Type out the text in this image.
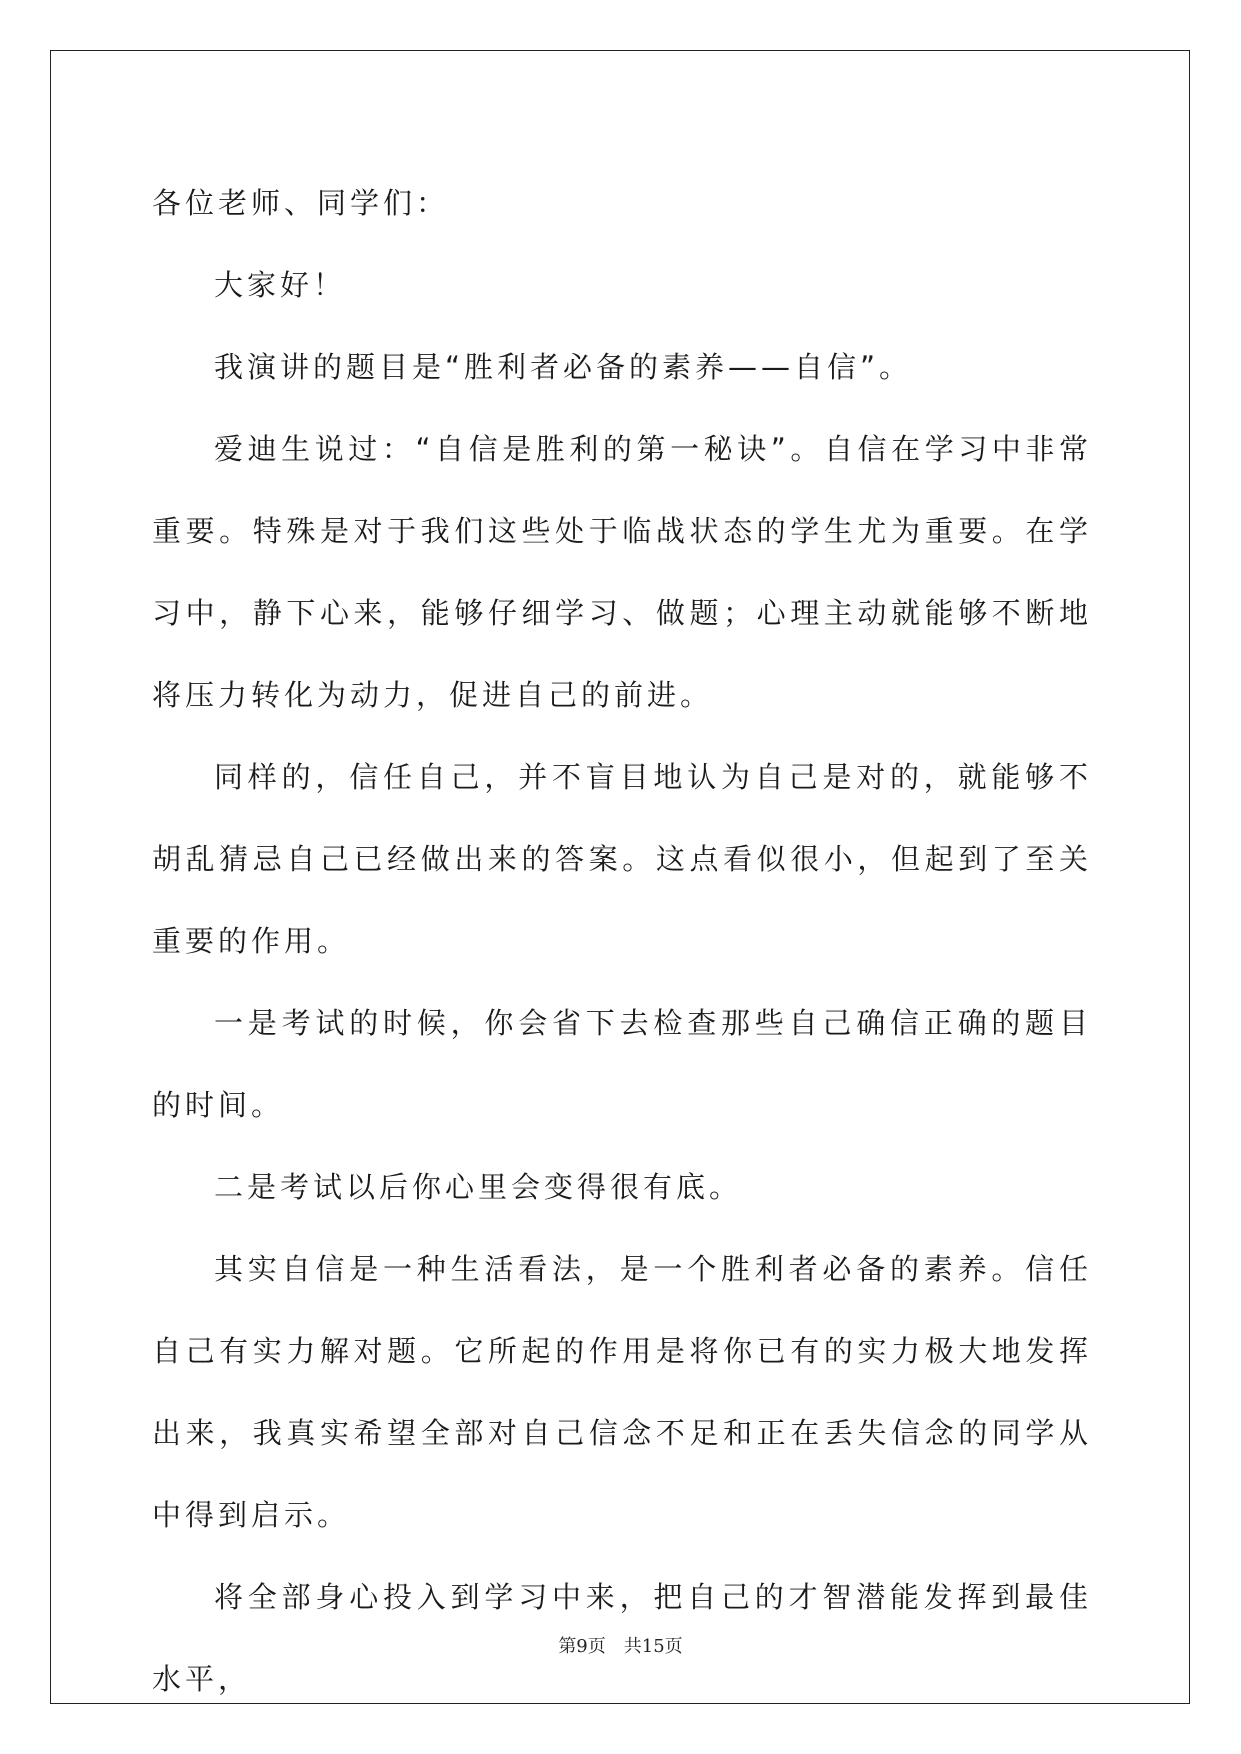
各位老师、同学们：

大家好！

我演讲的题目是“胜利者必备的素养——自信”。

爱迪生说过：“自信是胜利的第一秘诀”。自信在学习中非常重要。特殊是对于我们这些处于临战状态的学生尤为重要。在学习中，静下心来，能够仔细学习、做题；心理主动就能够不断地将压力转化为动力，促进自己的前进。

同样的，信任自己，并不盲目地认为自己是对的，就能够不胡乱猜忌自己已经做出来的答案。这点看似很小，但起到了至关重要的作用。

一是考试的时候，你会省下去检查那些自己确信正确的题目的时间。

二是考试以后你心里会变得很有底。

其实自信是一种生活看法，是一个胜利者必备的素养。信任自己有实力解对题。它所起的作用是将你已有的实力极大地发挥出来，我真实希望全部对自己信念不足和正在丢失信念的同学从中得到启示。

将全部身心投入到学习中来，把自己的才智潜能发挥到最佳水平，

第9页 共15页
